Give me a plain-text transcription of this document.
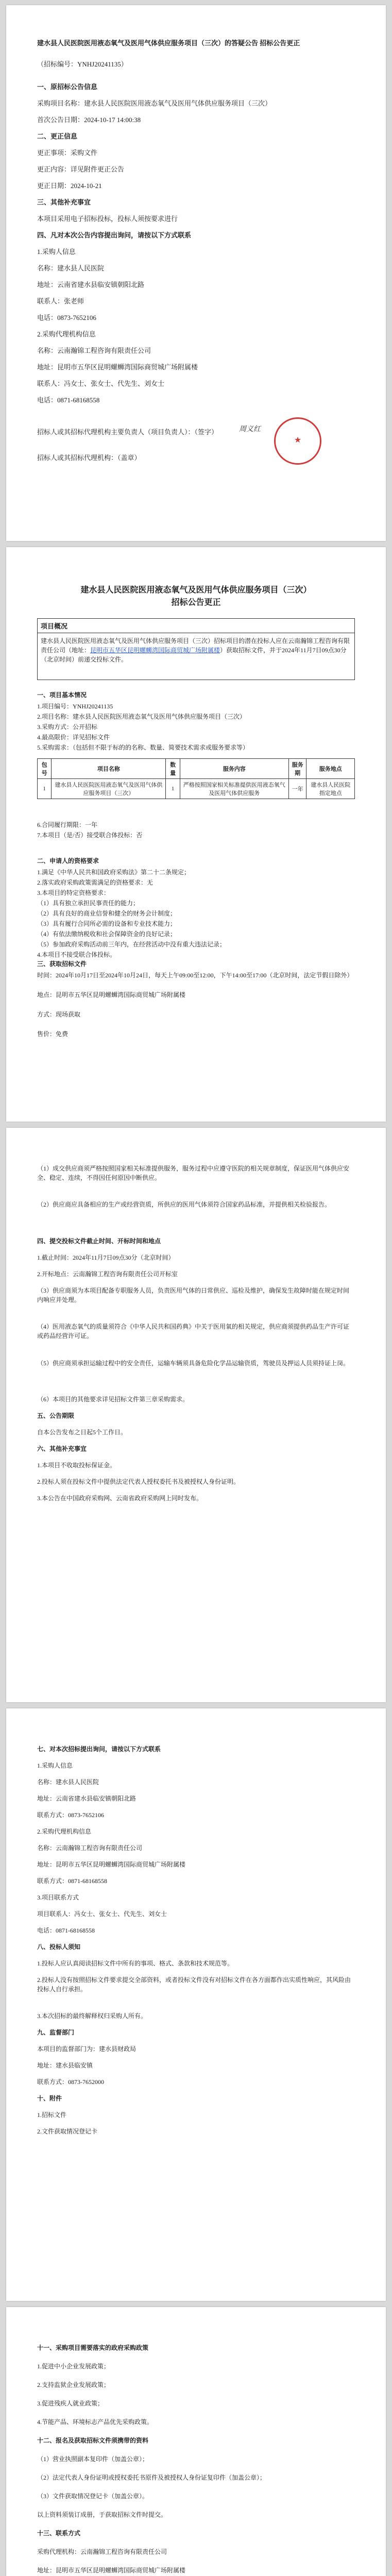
建水县人民医院医用液态氧气及医用气体供应服务项目（三次）的答疑公告 招标公告更正
（招标编号：YNHJ20241135）
一、原招标公告信息
采购项目名称：建水县人民医院医用液态氧气及医用气体供应服务项目（三次）
首次公告日期：2024-10-17 14:00:38
二、更正信息
更正事项：采购文件
更正内容：详见附件更正公告
更正日期：2024-10-21
三、其他补充事宜
本项目采用电子招标投标，投标人须按要求进行
四、凡对本次公告内容提出询问，请按以下方式联系
1.采购人信息
名称：建水县人民医院
地址：云南省建水县临安镇朝阳北路
联系人：张老师
电话：0873-7652106
2.采购代理机构信息
名称：云南瀚锦工程咨询有限责任公司
地址：昆明市五华区昆明螺蛳湾国际商贸城广场附属楼
联系人：冯女士、张女士、代先生、刘女士
电话：0871-68168558
招标人或其招标代理机构主要负责人（项目负责人）：（签字）
招标人或其招标代理机构：（盖章）
周义红
★
建水县人民医院医用液态氧气及医用气体供应服务项目（三次）
招标公告更正
项目概况
建水县人民医院医用液态氧气及医用气体供应服务项目（三次）招标项目的潜在投标人应在云南瀚锦工程咨询有限责任公司（地址：昆明市五华区昆明螺蛳湾国际商贸城广场附属楼）获取招标文件，并于2024年11月7日09点30分（北京时间）前递交投标文件。
一、项目基本情况
1.项目编号：YNHJ20241135
2.项目名称：建水县人民医院医用液态氧气及医用气体供应服务项目（三次）
3.采购方式：公开招标
4.最高限价：详见招标文件
5.采购需求：（包括但不限于标的的名称、数量、简要技术需求或服务要求等）
包号	项目名称	数量	服务内容	服务期	服务地点
1	建水县人民医院医用液态氧气及医用气体供应服务项目（三次）	1	严格按照国家相关标准提供医用液态氧气及医用气体供应服务	一年	建水县人民医院指定地点
6.合同履行期限：一年
7.本项目（是/否）接受联合体投标：否
二、申请人的资格要求
1.满足《中华人民共和国政府采购法》第二十二条规定；
2.落实政府采购政策需满足的资格要求：无
3.本项目的特定资格要求：
（1）具有独立承担民事责任的能力；
（2）具有良好的商业信誉和健全的财务会计制度；
（3）具有履行合同所必需的设备和专业技术能力；
（4）有依法缴纳税收和社会保障资金的良好记录；
（5）参加政府采购活动前三年内，在经营活动中没有重大违法记录；
4.本项目不接受联合体投标。
三、获取招标文件
时间：2024年10月17日至2024年10月24日，每天上午09:00至12:00，下午14:00至17:00（北京时间，法定节假日除外）
地点：昆明市五华区昆明螺蛳湾国际商贸城广场附属楼
方式：现场获取
售价：免费
（1）成交供应商须严格按照国家相关标准提供服务，服务过程中应遵守医院的相关规章制度，保证医用气体供应安全、稳定、连续，不得因任何原因中断供应。
（2）供应商应具备相应的生产或经营资质，所供应的医用气体须符合国家药品标准，并提供相关检验报告。
四、提交投标文件截止时间、开标时间和地点
1.截止时间：2024年11月7日09点30分（北京时间）
2.开标地点：云南瀚锦工程咨询有限责任公司开标室
（3）供应商须为本项目配备专职服务人员，负责医用气体的日常供应、巡检及维护，确保发生故障时能在规定时间内响应并处理。
（4）医用液态氧气的质量须符合《中华人民共和国药典》中关于医用氧的相关规定，供应商须提供药品生产许可证或药品经营许可证。
（5）供应商须承担运输过程中的安全责任，运输车辆须具备危险化学品运输资质，驾驶员及押运人员须持证上岗。
（6）本项目的其他要求详见招标文件第三章采购需求。
五、公告期限
自本公告发布之日起5个工作日。
六、其他补充事宜
1.本项目不收取投标保证金。
2.投标人须在投标文件中提供法定代表人授权委托书及被授权人身份证明。
3.本公告在中国政府采购网、云南省政府采购网上同时发布。
七、对本次招标提出询问，请按以下方式联系
1.采购人信息
名称：建水县人民医院
地址：云南省建水县临安镇朝阳北路
联系方式：0873-7652106
2.采购代理机构信息
名称：云南瀚锦工程咨询有限责任公司
地址：昆明市五华区昆明螺蛳湾国际商贸城广场附属楼
联系方式：0871-68168558
3.项目联系方式
项目联系人：冯女士、张女士、代先生、刘女士
电话：0871-68168558
八、投标人须知
1.投标人应认真阅读招标文件中所有的事项、格式、条款和技术规范等。
2.投标人没有按照招标文件要求提交全部资料，或者投标文件没有对招标文件在各方面都作出实质性响应，其风险由投标人自行承担。
3.本次招标的最终解释权归采购人所有。
九、监督部门
本项目的监督部门为：建水县财政局
地址：建水县临安镇
联系方式：0873-7652000
十、附件
1.招标文件
2.文件获取情况登记卡
十一、采购项目需要落实的政府采购政策
1.促进中小企业发展政策；
2.支持监狱企业发展政策；
3.促进残疾人就业政策；
4.节能产品、环境标志产品优先采购政策。
十二、报名及获取招标文件须携带的资料
（1）营业执照副本复印件（加盖公章）；
（2）法定代表人身份证明或授权委托书原件及被授权人身份证复印件（加盖公章）；
（3）文件获取情况登记卡（加盖公章）。
以上资料须装订成册，于获取招标文件时提交。
十三、联系方式
采购代理机构：云南瀚锦工程咨询有限责任公司
地址：昆明市五华区昆明螺蛳湾国际商贸城广场附属楼
